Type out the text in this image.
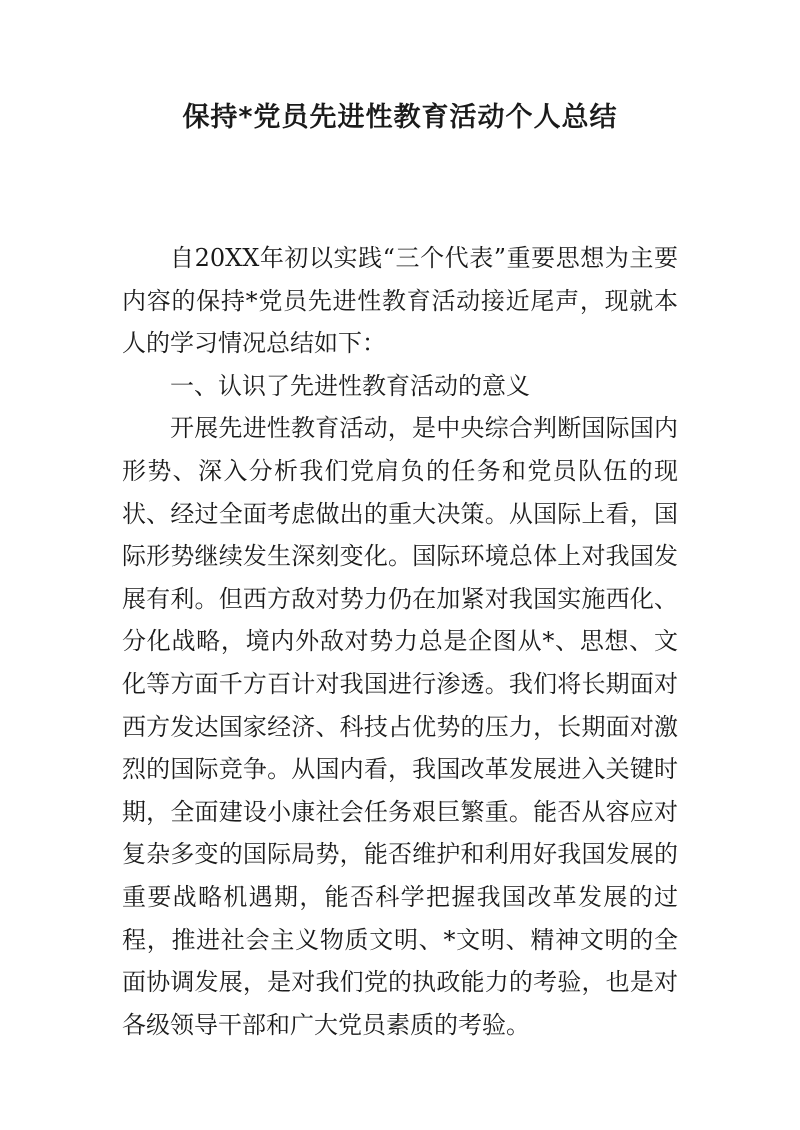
保持*党员先进性教育活动个人总结

自20XX年初以实践“三个代表”重要思想为主要内容的保持*党员先进性教育活动接近尾声，现就本人的学习情况总结如下：

一、认识了先进性教育活动的意义

开展先进性教育活动，是中央综合判断国际国内形势、深入分析我们党肩负的任务和党员队伍的现状、经过全面考虑做出的重大决策。从国际上看，国际形势继续发生深刻变化。国际环境总体上对我国发展有利。但西方敌对势力仍在加紧对我国实施西化、分化战略，境内外敌对势力总是企图从*、思想、文化等方面千方百计对我国进行渗透。我们将长期面对西方发达国家经济、科技占优势的压力，长期面对激烈的国际竞争。从国内看，我国改革发展进入关键时期，全面建设小康社会任务艰巨繁重。能否从容应对复杂多变的国际局势，能否维护和利用好我国发展的重要战略机遇期，能否科学把握我国改革发展的过程，推进社会主义物质文明、*文明、精神文明的全面协调发展，是对我们党的执政能力的考验，也是对各级领导干部和广大党员素质的考验。
